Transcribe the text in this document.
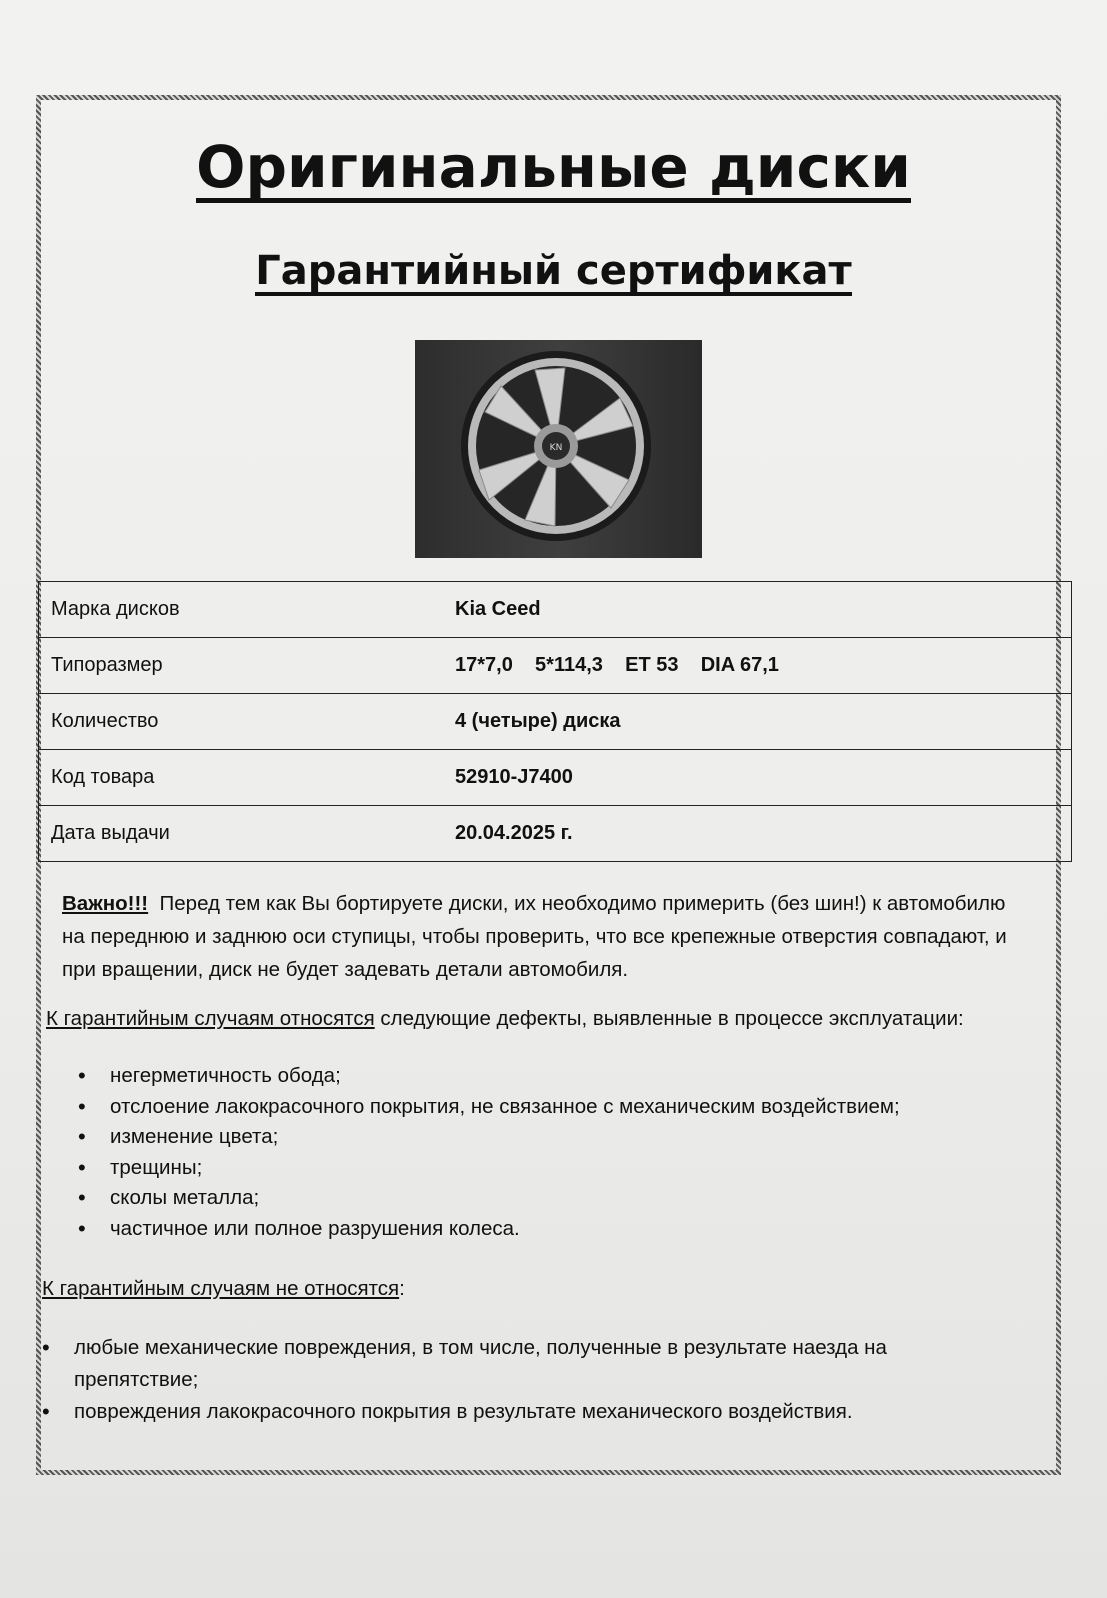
Оригинальные диски
Гарантийный сертификат
KN
Марка дисков	Kia Ceed
Типоразмер	17*7,0    5*114,3    ET 53    DIA 67,1
Количество	4 (четыре) диска
Код товара	52910-J7400
Дата выдачи	20.04.2025 г.
Важно!!! Перед тем как Вы бортируете диски, их необходимо примерить (без шин!) к автомобилю на переднюю и заднюю оси ступицы, чтобы проверить, что все крепежные отверстия совпадают, и при вращении, диск не будет задевать детали автомобиля.
К гарантийным случаям относятся следующие дефекты, выявленные в процессе эксплуатации:
• негерметичность обода;
• отслоение лакокрасочного покрытия, не связанное с механическим воздействием;
• изменение цвета;
• трещины;
• сколы металла;
• частичное или полное разрушения колеса.
К гарантийным случаям не относятся:
• любые механические повреждения, в том числе, полученные в результате наезда на препятствие;
• повреждения лакокрасочного покрытия в результате механического воздействия.
